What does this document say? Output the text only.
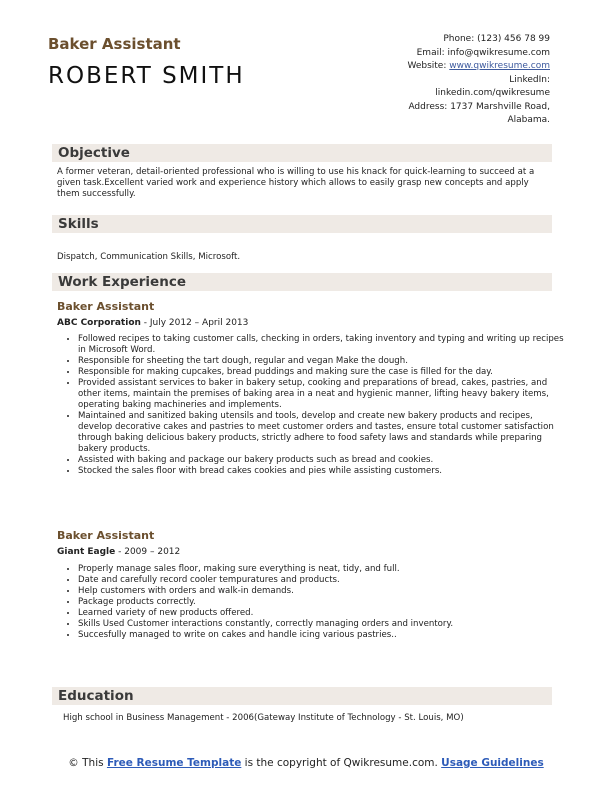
Baker Assistant
ROBERT SMITH
Phone: (123) 456 78 99
Email: info@qwikresume.com
Website: www.qwikresume.com
LinkedIn:
linkedin.com/qwikresume
Address: 1737 Marshville Road,
Alabama.
Objective

A former veteran, detail-oriented professional who is willing to use his knack for quick-learning to succeed at a given task.Excellent varied work and experience history which allows to easily grasp new concepts and apply them successfully.

Skills

Dispatch, Communication Skills, Microsoft.

Work Experience

Baker Assistant

ABC Corporation - July 2012 – April 2013

• Followed recipes to taking customer calls, checking in orders, taking inventory and typing and writing up recipes in Microsoft Word.
• Responsible for sheeting the tart dough, regular and vegan Make the dough.
• Responsible for making cupcakes, bread puddings and making sure the case is filled for the day.
• Provided assistant services to baker in bakery setup, cooking and preparations of bread, cakes, pastries, and other items, maintain the premises of baking area in a neat and hygienic manner, lifting heavy bakery items, operating baking machineries and implements.
• Maintained and sanitized baking utensils and tools, develop and create new bakery products and recipes, develop decorative cakes and pastries to meet customer orders and tastes, ensure total customer satisfaction through baking delicious bakery products, strictly adhere to food safety laws and standards while preparing bakery products.
• Assisted with baking and package our bakery products such as bread and cookies.
• Stocked the sales floor with bread cakes cookies and pies while assisting customers.

Baker Assistant

Giant Eagle - 2009 – 2012

• Properly manage sales floor, making sure everything is neat, tidy, and full.
• Date and carefully record cooler tempuratures and products.
• Help customers with orders and walk-in demands.
• Package products correctly.
• Learned variety of new products offered.
• Skills Used Customer interactions constantly, correctly managing orders and inventory.
• Succesfully managed to write on cakes and handle icing various pastries..
Education

High school in Business Management - 2006(Gateway Institute of Technology - St. Louis, MO)

© This Free Resume Template is the copyright of Qwikresume.com. Usage Guidelines
